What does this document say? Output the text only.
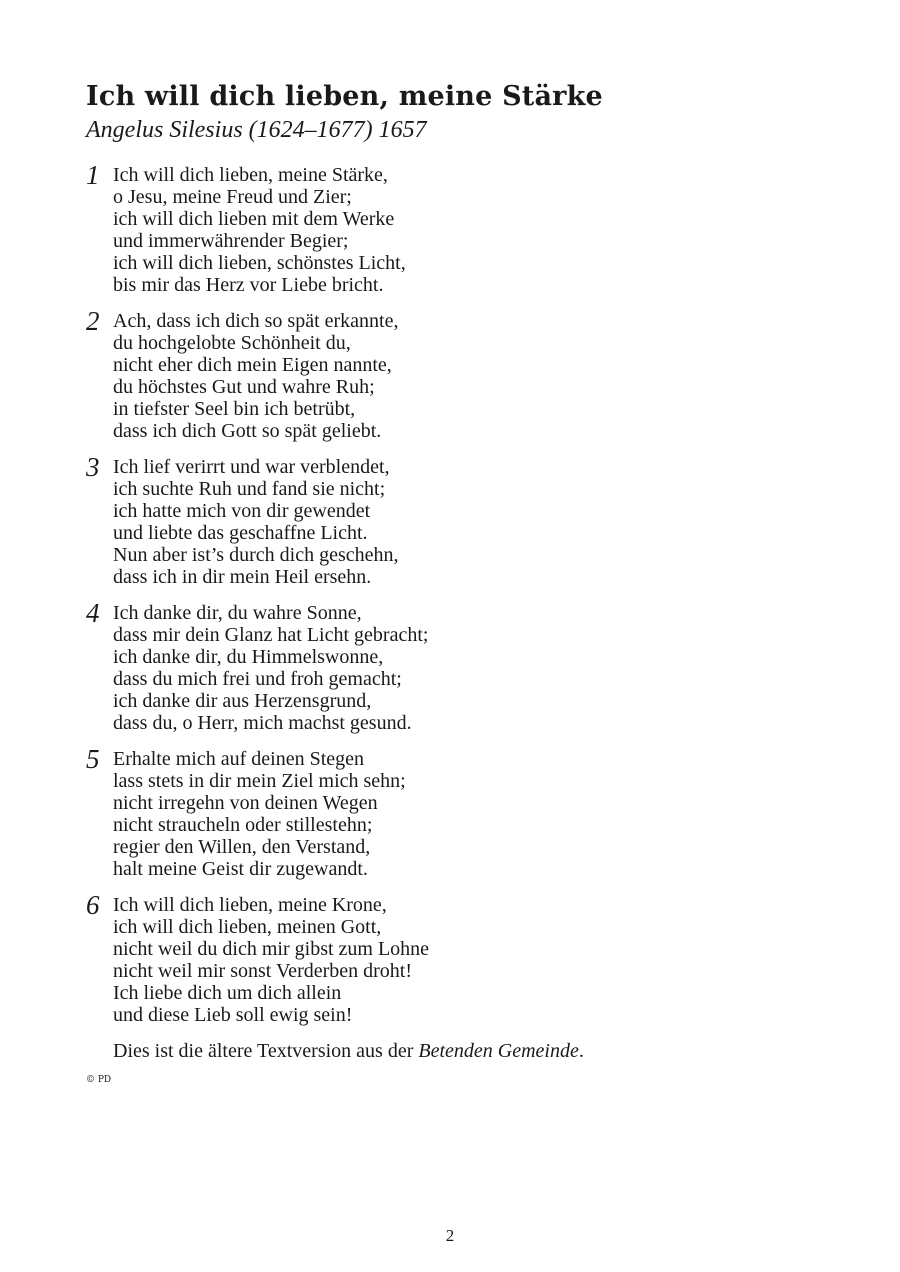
Ich will dich lieben, meine Stärke
Angelus Silesius (1624–1677) 1657
1 Ich will dich lieben, meine Stärke,
o Jesu, meine Freud und Zier;
ich will dich lieben mit dem Werke
und immerwährender Begier;
ich will dich lieben, schönstes Licht,
bis mir das Herz vor Liebe bricht.
2 Ach, dass ich dich so spät erkannte,
du hochgelobte Schönheit du,
nicht eher dich mein Eigen nannte,
du höchstes Gut und wahre Ruh;
in tiefster Seel bin ich betrübt,
dass ich dich Gott so spät geliebt.
3 Ich lief verirrt und war verblendet,
ich suchte Ruh und fand sie nicht;
ich hatte mich von dir gewendet
und liebte das geschaffne Licht.
Nun aber ist’s durch dich geschehn,
dass ich in dir mein Heil ersehn.
4 Ich danke dir, du wahre Sonne,
dass mir dein Glanz hat Licht gebracht;
ich danke dir, du Himmelswonne,
dass du mich frei und froh gemacht;
ich danke dir aus Herzensgrund,
dass du, o Herr, mich machst gesund.
5 Erhalte mich auf deinen Stegen
lass stets in dir mein Ziel mich sehn;
nicht irregehn von deinen Wegen
nicht straucheln oder stillestehn;
regier den Willen, den Verstand,
halt meine Geist dir zugewandt.
6 Ich will dich lieben, meine Krone,
ich will dich lieben, meinen Gott,
nicht weil du dich mir gibst zum Lohne
nicht weil mir sonst Verderben droht!
Ich liebe dich um dich allein
und diese Lieb soll ewig sein!
Dies ist die ältere Textversion aus der Betenden Gemeinde.
© PD
2
